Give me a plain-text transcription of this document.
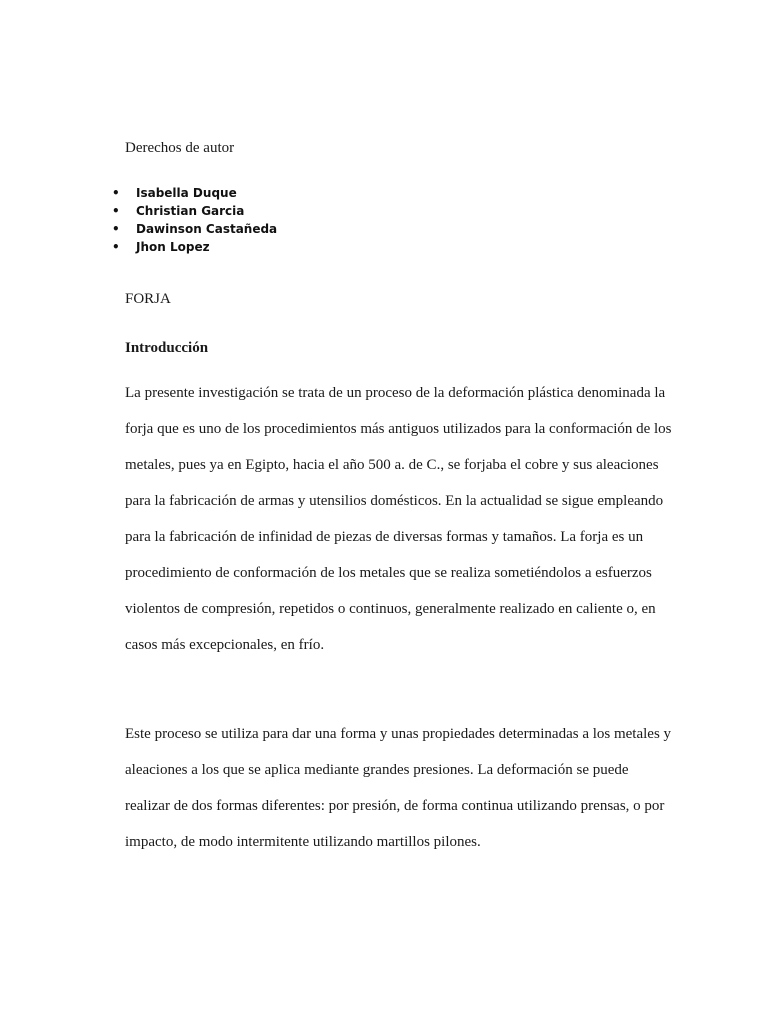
Derechos de autor
•	Isabella Duque
•	Christian Garcia
•	Dawinson Castañeda
•	Jhon Lopez
FORJA
Introducción

La presente investigación se trata de un proceso de la deformación plástica denominada la
forja que es uno de los procedimientos más antiguos utilizados para la conformación de los
metales, pues ya en Egipto, hacia el año 500 a. de C., se forjaba el cobre y sus aleaciones
para la fabricación de armas y utensilios domésticos. En la actualidad se sigue empleando
para la fabricación de infinidad de piezas de diversas formas y tamaños. La forja es un
procedimiento de conformación de los metales que se realiza sometiéndolos a esfuerzos
violentos de compresión, repetidos o continuos, generalmente realizado en caliente o, en
casos más excepcionales, en frío.

Este proceso se utiliza para dar una forma y unas propiedades determinadas a los metales y
aleaciones a los que se aplica mediante grandes presiones. La deformación se puede
realizar de dos formas diferentes: por presión, de forma continua utilizando prensas, o por
impacto, de modo intermitente utilizando martillos pilones.
